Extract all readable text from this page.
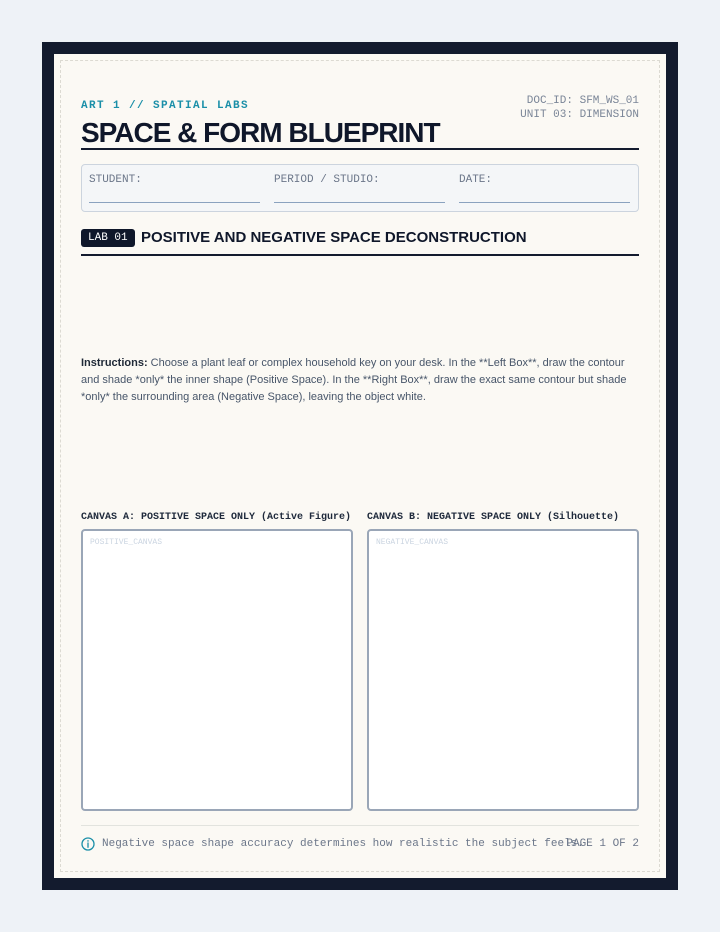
ART 1 // SPATIAL LABS	DOC_ID: SFM_WS_01
UNIT 03: DIMENSION
SPACE & FORM BLUEPRINT
STUDENT:	PERIOD / STUDIO:	DATE:
LAB 01 POSITIVE AND NEGATIVE SPACE DECONSTRUCTION

Instructions: Choose a plant leaf or complex household key on your desk. In the **Left Box**, draw the contour and shade *only* the inner shape (Positive Space). In the **Right Box**, draw the exact same contour but shade *only* the surrounding area (Negative Space), leaving the object white.

CANVAS A: POSITIVE SPACE ONLY (Active Figure) CANVAS B: NEGATIVE SPACE ONLY (Silhouette)
POSITIVE_CANVAS	NEGATIVE_CANVAS
Negative space shape accuracy determines how realistic the subject feels.
PAGE 1 OF 2
